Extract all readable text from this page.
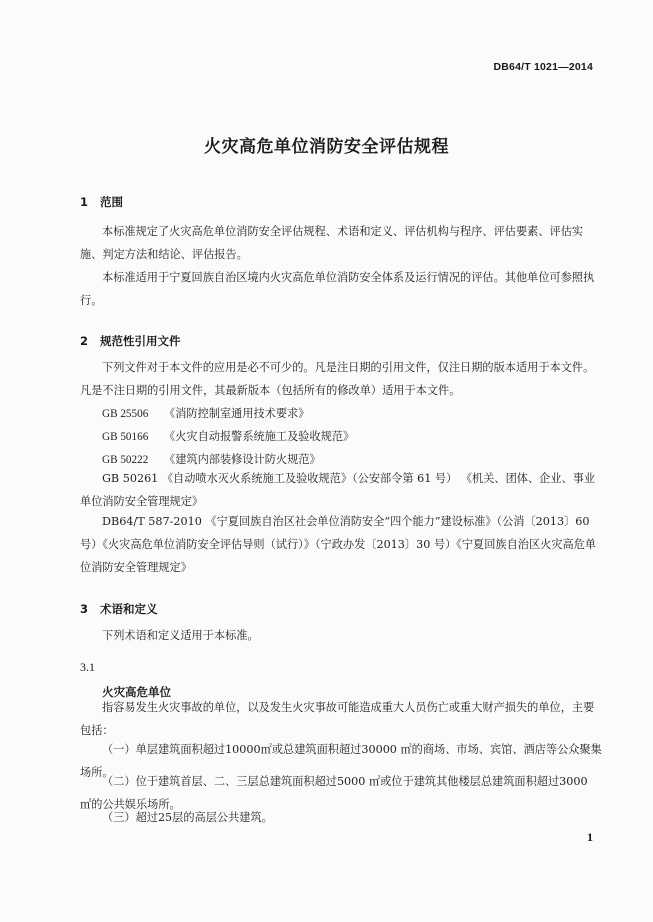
DB64/T 1021—2014
火灾高危单位消防安全评估规程
1 范围
本标准规定了火灾高危单位消防安全评估规程、术语和定义、评估机构与程序、评估要素、评估实施、判定方法和结论、评估报告。
本标准适用于宁夏回族自治区境内火灾高危单位消防安全体系及运行情况的评估。其他单位可参照执行。
2 规范性引用文件
下列文件对于本文件的应用是必不可少的。凡是注日期的引用文件，仅注日期的版本适用于本文件。凡是不注日期的引用文件，其最新版本（包括所有的修改单）适用于本文件。
GB 25506 《消防控制室通用技术要求》
GB 50166 《火灾自动报警系统施工及验收规范》
GB 50222 《建筑内部装修设计防火规范》
GB 50261 《自动喷水灭火系统施工及验收规范》（公安部令第 61 号） 《机关、团体、企业、事业单位消防安全管理规定》
DB64/T 587-2010 《宁夏回族自治区社会单位消防安全“四个能力”建设标准》（公消〔2013〕60号）《火灾高危单位消防安全评估导则（试行）》（宁政办发〔2013〕30 号）《宁夏回族自治区火灾高危单位消防安全管理规定》
3 术语和定义
下列术语和定义适用于本标准。
3.1
火灾高危单位
指容易发生火灾事故的单位，以及发生火灾事故可能造成重大人员伤亡或重大财产损失的单位，主要包括：
（一）单层建筑面积超过10000㎡或总建筑面积超过30000 ㎡的商场、市场、宾馆、酒店等公众聚集场所。
（二）位于建筑首层、二、三层总建筑面积超过5000 ㎡或位于建筑其他楼层总建筑面积超过3000 ㎡的公共娱乐场所。
（三）超过25层的高层公共建筑。
1
